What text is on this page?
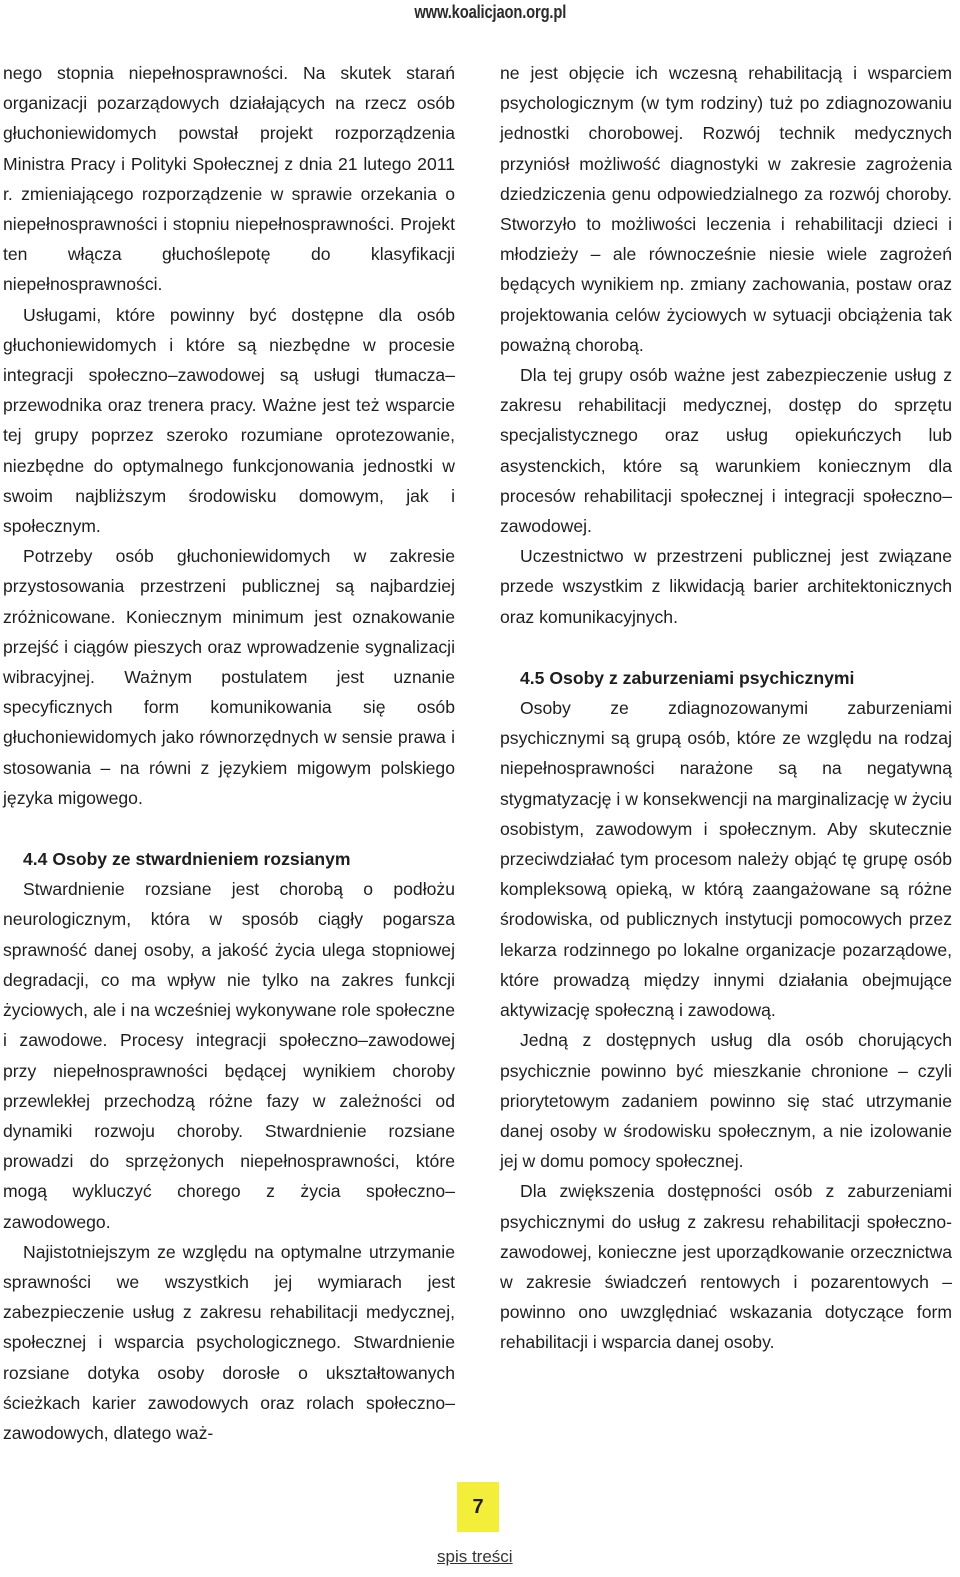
www.koalicjaon.org.pl

nego stopnia niepełnosprawności. Na skutek starań organizacji pozarządowych działających na rzecz osób głuchoniewidomych powstał projekt rozporządzenia Ministra Pracy i Polityki Społecznej z dnia 21 lutego 2011 r. zmieniającego rozporządzenie w sprawie orzekania o niepełnosprawności i stopniu niepełnosprawności. Projekt ten włącza głuchoślepotę do klasyfikacji niepełnosprawności.

Usługami, które powinny być dostępne dla osób głuchoniewidomych i które są niezbędne w procesie integracji społeczno–zawodowej są usługi tłumacza–przewodnika oraz trenera pracy. Ważne jest też wsparcie tej grupy poprzez szeroko rozumiane oprotezowanie, niezbędne do optymalnego funkcjonowania jednostki w swoim najbliższym środowisku domowym, jak i społecznym.

Potrzeby osób głuchoniewidomych w zakresie przystosowania przestrzeni publicznej są najbardziej zróżnicowane. Koniecznym minimum jest oznakowanie przejść i ciągów pieszych oraz wprowadzenie sygnalizacji wibracyjnej. Ważnym postulatem jest uznanie specyficznych form komunikowania się osób głuchoniewidomych jako równorzędnych w sensie prawa i stosowania – na równi z językiem migowym polskiego języka migowego.

4.4 Osoby ze stwardnieniem rozsianym

Stwardnienie rozsiane jest chorobą o podłożu neurologicznym, która w sposób ciągły pogarsza sprawność danej osoby, a jakość życia ulega stopniowej degradacji, co ma wpływ nie tylko na zakres funkcji życiowych, ale i na wcześniej wykonywane role społeczne i zawodowe. Procesy integracji społeczno–zawodowej przy niepełnosprawności będącej wynikiem choroby przewlekłej przechodzą różne fazy w zależności od dynamiki rozwoju choroby. Stwardnienie rozsiane prowadzi do sprzężonych niepełnosprawności, które mogą wykluczyć chorego z życia społeczno–zawodowego.

Najistotniejszym ze względu na optymalne utrzymanie sprawności we wszystkich jej wymiarach jest zabezpieczenie usług z zakresu rehabilitacji medycznej, społecznej i wsparcia psychologicznego. Stwardnienie rozsiane dotyka osoby dorosłe o ukształtowanych ścieżkach karier zawodowych oraz rolach społeczno–zawodowych, dlatego waż-

ne jest objęcie ich wczesną rehabilitacją i wsparciem psychologicznym (w tym rodziny) tuż po zdiagnozowaniu jednostki chorobowej. Rozwój technik medycznych przyniósł możliwość diagnostyki w zakresie zagrożenia dziedziczenia genu odpowiedzialnego za rozwój choroby. Stworzyło to możliwości leczenia i rehabilitacji dzieci i młodzieży – ale równocześnie niesie wiele zagrożeń będących wynikiem np. zmiany zachowania, postaw oraz projektowania celów życiowych w sytuacji obciążenia tak poważną chorobą.

Dla tej grupy osób ważne jest zabezpieczenie usług z zakresu rehabilitacji medycznej, dostęp do sprzętu specjalistycznego oraz usług opiekuńczych lub asystenckich, które są warunkiem koniecznym dla procesów rehabilitacji społecznej i integracji społeczno–zawodowej.

Uczestnictwo w przestrzeni publicznej jest związane przede wszystkim z likwidacją barier architektonicznych oraz komunikacyjnych.

4.5 Osoby z zaburzeniami psychicznymi

Osoby ze zdiagnozowanymi zaburzeniami psychicznymi są grupą osób, które ze względu na rodzaj niepełnosprawności narażone są na negatywną stygmatyzację i w konsekwencji na marginalizację w życiu osobistym, zawodowym i społecznym. Aby skutecznie przeciwdziałać tym procesom należy objąć tę grupę osób kompleksową opieką, w którą zaangażowane są różne środowiska, od publicznych instytucji pomocowych przez lekarza rodzinnego po lokalne organizacje pozarządowe, które prowadzą między innymi działania obejmujące aktywizację społeczną i zawodową.

Jedną z dostępnych usług dla osób chorujących psychicznie powinno być mieszkanie chronione – czyli priorytetowym zadaniem powinno się stać utrzymanie danej osoby w środowisku społecznym, a nie izolowanie jej w domu pomocy społecznej.

Dla zwiększenia dostępności osób z zaburzeniami psychicznymi do usług z zakresu rehabilitacji społeczno-zawodowej, konieczne jest uporządkowanie orzecznictwa w zakresie świadczeń rentowych i pozarentowych – powinno ono uwzględniać wskazania dotyczące form rehabilitacji i wsparcia danej osoby.

7
spis treści
